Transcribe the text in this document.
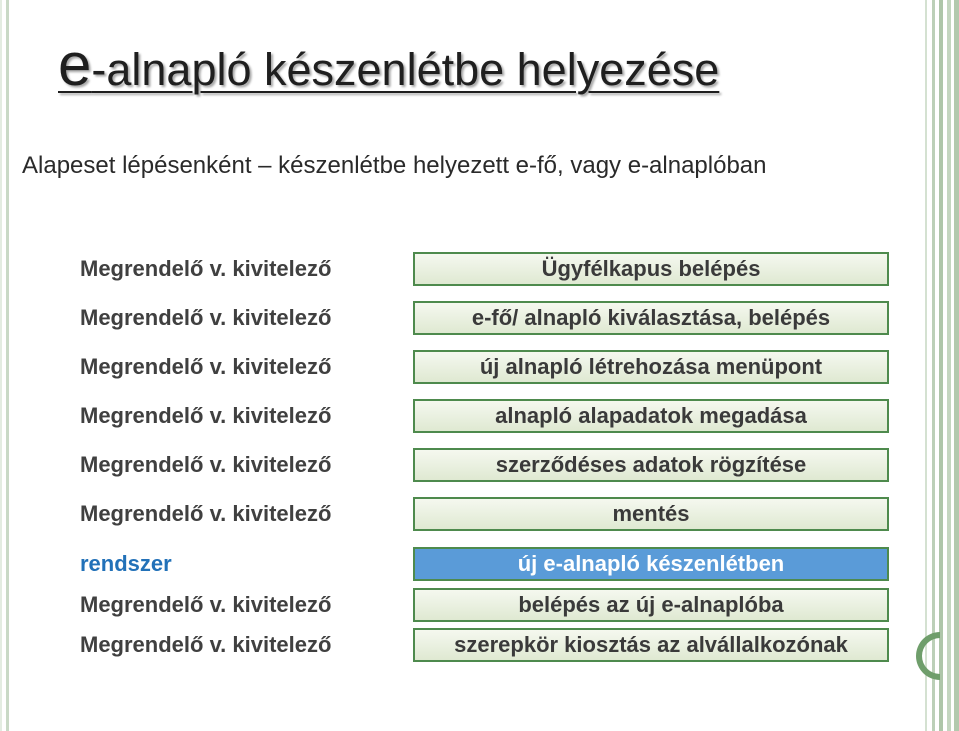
e-alnapló készenlétbe helyezése

Alapeset lépésenként – készenlétbe helyezett e-fő, vagy e-alnaplóban

Megrendelő v. kivitelező	Ügyfélkapus belépés
Megrendelő v. kivitelező	e-fő/ alnapló kiválasztása, belépés
Megrendelő v. kivitelező	új alnapló létrehozása menüpont
Megrendelő v. kivitelező	alnapló alapadatok megadása
Megrendelő v. kivitelező	szerződéses adatok rögzítése
Megrendelő v. kivitelező	mentés
rendszer	új e-alnapló készenlétben
Megrendelő v. kivitelező	belépés az új e-alnaplóba
Megrendelő v. kivitelező	szerepkör kiosztás az alvállalkozónak
